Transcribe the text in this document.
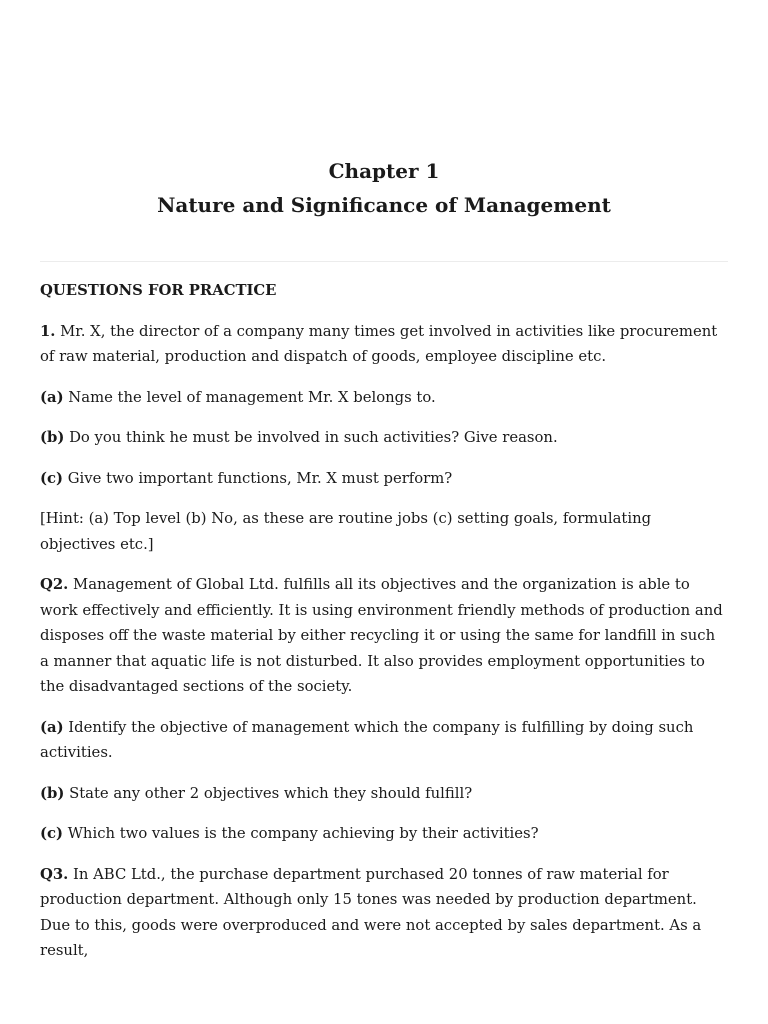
Chapter 1
Nature and Significance of Management

QUESTIONS FOR PRACTICE

1. Mr. X, the director of a company many times get involved in activities like procurement of raw material, production and dispatch of goods, employee discipline etc.

(a) Name the level of management Mr. X belongs to.

(b) Do you think he must be involved in such activities? Give reason.

(c) Give two important functions, Mr. X must perform?

[Hint: (a) Top level (b) No, as these are routine jobs (c) setting goals, formulating objectives etc.]

Q2. Management of Global Ltd. fulfills all its objectives and the organization is able to work effectively and efficiently. It is using environment friendly methods of production and disposes off the waste material by either recycling it or using the same for landfill in such a manner that aquatic life is not disturbed. It also provides employment opportunities to the disadvantaged sections of the society.

(a) Identify the objective of management which the company is fulfilling by doing such activities.

(b) State any other 2 objectives which they should fulfill?

(c) Which two values is the company achieving by their activities?

Q3. In ABC Ltd., the purchase department purchased 20 tonnes of raw material for production department. Although only 15 tones was needed by production department. Due to this, goods were overproduced and were not accepted by sales department. As a result,
